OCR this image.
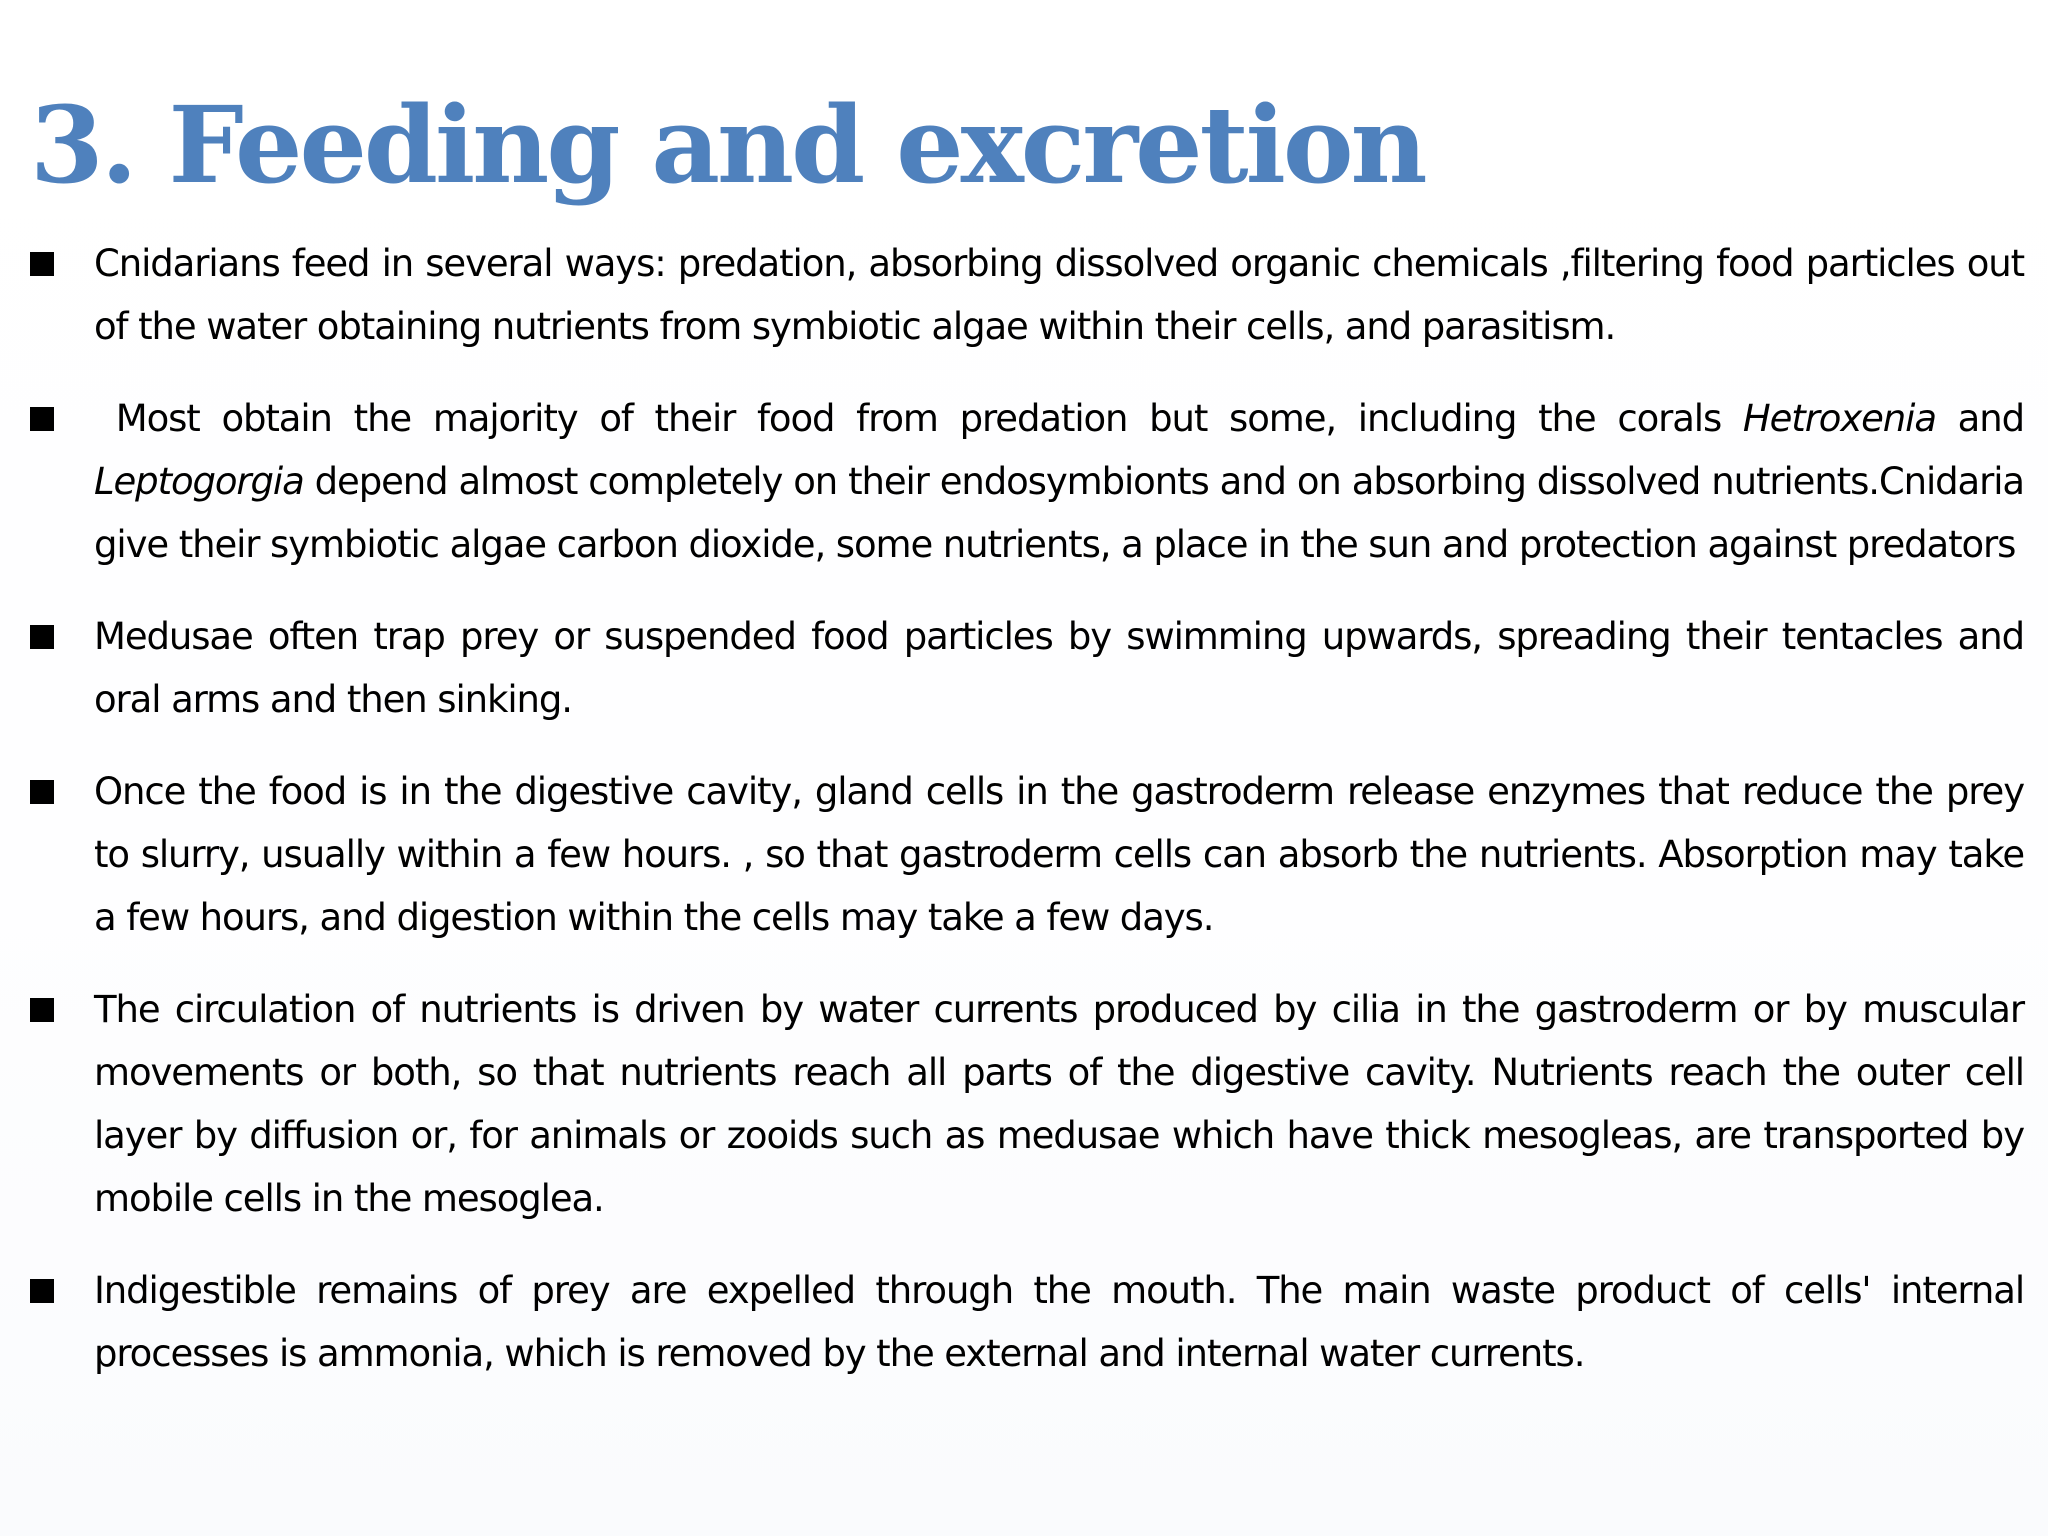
3. Feeding and excretion
Cnidarians feed in several ways: predation, absorbing dissolved organic chemicals ,filtering food particles out of the water obtaining nutrients from symbiotic algae within their cells, and parasitism.
Most obtain the majority of their food from predation but some, including the corals Hetroxenia and Leptogorgia depend almost completely on their endosymbionts and on absorbing dissolved nutrients.Cnidaria give their symbiotic algae carbon dioxide, some nutrients, a place in the sun and protection against predators
Medusae often trap prey or suspended food particles by swimming upwards, spreading their tentacles and oral arms and then sinking.
Once the food is in the digestive cavity, gland cells in the gastroderm release enzymes that reduce the prey to slurry, usually within a few hours. , so that gastroderm cells can absorb the nutrients. Absorption may take a few hours, and digestion within the cells may take a few days.
The circulation of nutrients is driven by water currents produced by cilia in the gastroderm or by muscular movements or both, so that nutrients reach all parts of the digestive cavity. Nutrients reach the outer cell layer by diffusion or, for animals or zooids such as medusae which have thick mesogleas, are transported by mobile cells in the mesoglea.
Indigestible remains of prey are expelled through the mouth. The main waste product of cells' internal processes is ammonia, which is removed by the external and internal water currents.
